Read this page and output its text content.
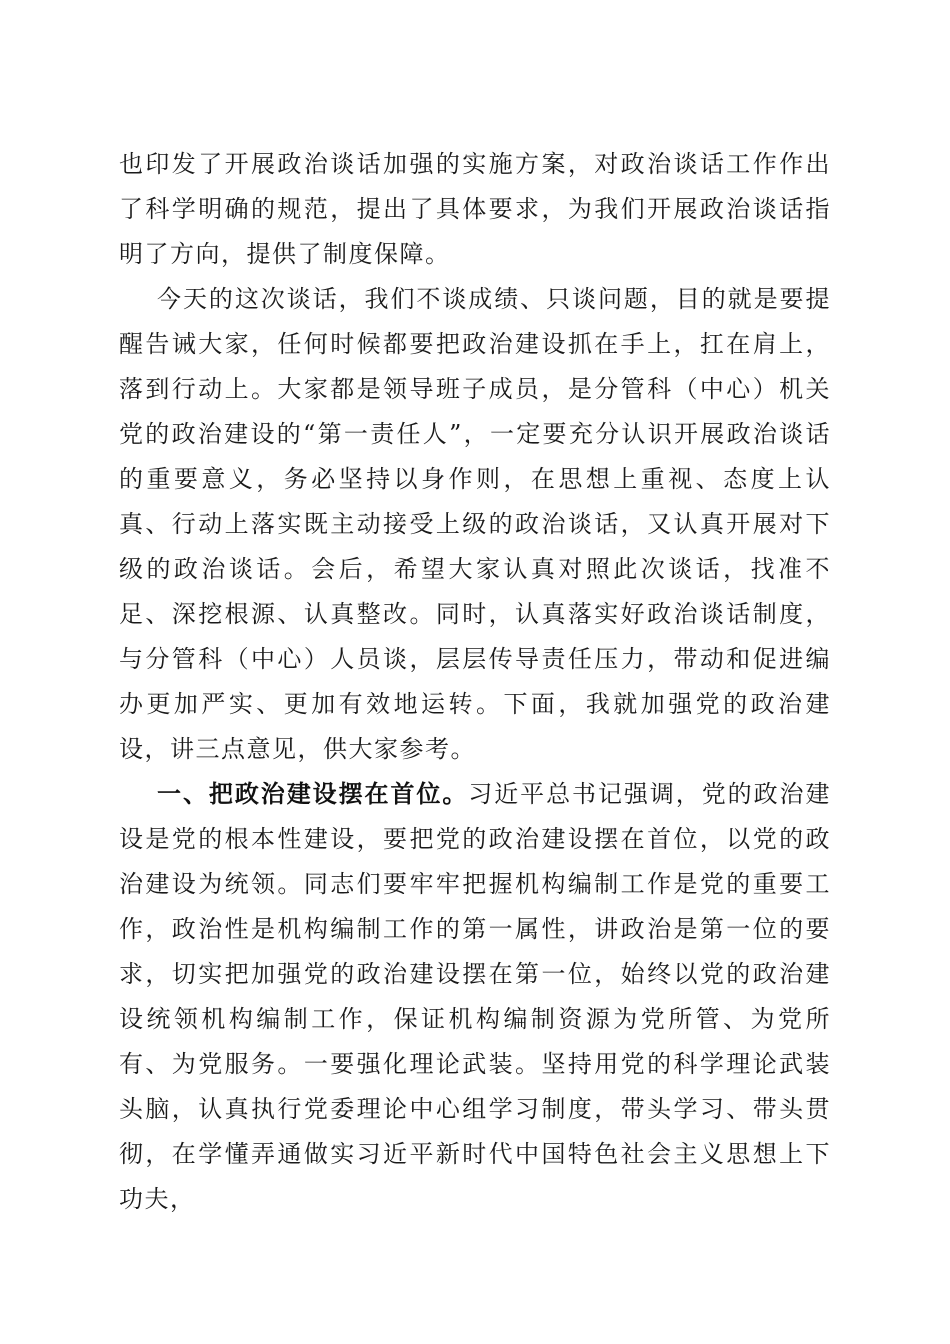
也印发了开展政治谈话加强的实施方案，对政治谈话工作作出了科学明确的规范，提出了具体要求，为我们开展政治谈话指明了方向，提供了制度保障。

今天的这次谈话，我们不谈成绩、只谈问题，目的就是要提醒告诫大家，任何时候都要把政治建设抓在手上，扛在肩上，落到行动上。大家都是领导班子成员，是分管科（中心）机关党的政治建设的“第一责任人”，一定要充分认识开展政治谈话的重要意义，务必坚持以身作则，在思想上重视、态度上认真、行动上落实既主动接受上级的政治谈话，又认真开展对下级的政治谈话。会后，希望大家认真对照此次谈话，找准不足、深挖根源、认真整改。同时，认真落实好政治谈话制度，与分管科（中心）人员谈，层层传导责任压力，带动和促进编办更加严实、更加有效地运转。下面，我就加强党的政治建设，讲三点意见，供大家参考。

一、把政治建设摆在首位。习近平总书记强调，党的政治建设是党的根本性建设，要把党的政治建设摆在首位，以党的政治建设为统领。同志们要牢牢把握机构编制工作是党的重要工作，政治性是机构编制工作的第一属性，讲政治是第一位的要求，切实把加强党的政治建设摆在第一位，始终以党的政治建设统领机构编制工作，保证机构编制资源为党所管、为党所有、为党服务。一要强化理论武装。坚持用党的科学理论武装头脑，认真执行党委理论中心组学习制度，带头学习、带头贯彻，在学懂弄通做实习近平新时代中国特色社会主义思想上下功夫，
